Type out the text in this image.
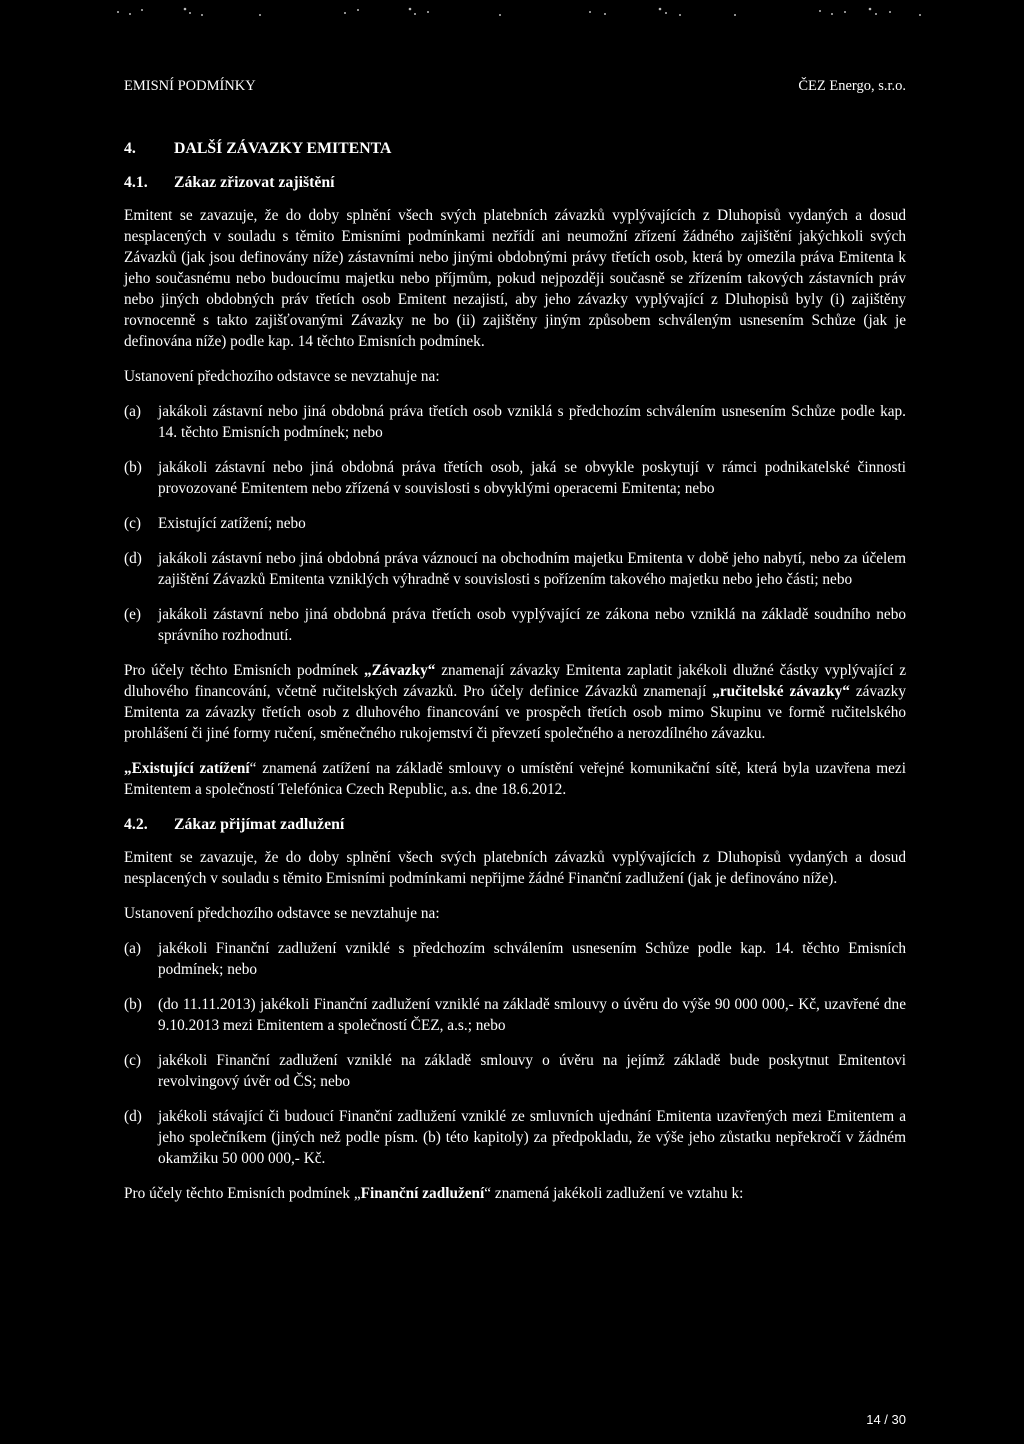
EMISNÍ PODMÍNKY	ČEZ Energo, s.r.o.
4. DALŠÍ ZÁVAZKY EMITENTA
4.1. Zákaz zřizovat zajištění

Emitent se zavazuje, že do doby splnění všech svých platebních závazků vyplývajících z Dluhopisů vydaných a dosud nesplacených v souladu s těmito Emisními podmínkami nezřídí ani neumožní zřízení žádného zajištění jakýchkoli svých Závazků (jak jsou definovány níže) zástavními nebo jinými obdobnými právy třetích osob, která by omezila práva Emitenta k jeho současnému nebo budoucímu majetku nebo příjmům, pokud nejpozději současně se zřízením takových zástavních práv nebo jiných obdobných práv třetích osob Emitent nezajistí, aby jeho závazky vyplývající z Dluhopisů byly (i) zajištěny rovnocenně s takto zajišťovanými Závazky ne bo (ii) zajištěny jiným způsobem schváleným usnesením Schůze (jak je definována níže) podle kap. 14 těchto Emisních podmínek.

Ustanovení předchozího odstavce se nevztahuje na:

(a)	jakákoli zástavní nebo jiná obdobná práva třetích osob vzniklá s předchozím schválením usnesením Schůze podle kap. 14. těchto Emisních podmínek; nebo
(b)	jakákoli zástavní nebo jiná obdobná práva třetích osob, jaká se obvykle poskytují v rámci podnikatelské činnosti provozované Emitentem nebo zřízená v souvislosti s obvyklými operacemi Emitenta; nebo
(c)	Existující zatížení; nebo
(d)	jakákoli zástavní nebo jiná obdobná práva váznoucí na obchodním majetku Emitenta v době jeho nabytí, nebo za účelem zajištění Závazků Emitenta vzniklých výhradně v souvislosti s pořízením takového majetku nebo jeho části; nebo
(e)	jakákoli zástavní nebo jiná obdobná práva třetích osob vyplývající ze zákona nebo vzniklá na základě soudního nebo správního rozhodnutí.

Pro účely těchto Emisních podmínek „Závazky“ znamenají závazky Emitenta zaplatit jakékoli dlužné částky vyplývající z dluhového financování, včetně ručitelských závazků. Pro účely definice Závazků znamenají „ručitelské závazky“ závazky Emitenta za závazky třetích osob z dluhového financování ve prospěch třetích osob mimo Skupinu ve formě ručitelského prohlášení či jiné formy ručení, směnečného rukojemství či převzetí společného a nerozdílného závazku.

„Existující zatížení“ znamená zatížení na základě smlouvy o umístění veřejné komunikační sítě, která byla uzavřena mezi Emitentem a společností Telefónica Czech Republic, a.s. dne 18.6.2012.

4.2. Zákaz přijímat zadlužení

Emitent se zavazuje, že do doby splnění všech svých platebních závazků vyplývajících z Dluhopisů vydaných a dosud nesplacených v souladu s těmito Emisními podmínkami nepřijme žádné Finanční zadlužení (jak je definováno níže).

Ustanovení předchozího odstavce se nevztahuje na:

(a)	jakékoli Finanční zadlužení vzniklé s předchozím schválením usnesením Schůze podle kap. 14. těchto Emisních podmínek; nebo
(b)	(do 11.11.2013) jakékoli Finanční zadlužení vzniklé na základě smlouvy o úvěru do výše 90 000 000,- Kč, uzavřené dne 9.10.2013 mezi Emitentem a společností ČEZ, a.s.; nebo
(c)	jakékoli Finanční zadlužení vzniklé na základě smlouvy o úvěru na jejímž základě bude poskytnut Emitentovi revolvingový úvěr od ČS; nebo
(d)	jakékoli stávající či budoucí Finanční zadlužení vzniklé ze smluvních ujednání Emitenta uzavřených mezi Emitentem a jeho společníkem (jiných než podle písm. (b) této kapitoly) za předpokladu, že výše jeho zůstatku nepřekročí v žádném okamžiku 50 000 000,- Kč.

Pro účely těchto Emisních podmínek „Finanční zadlužení“ znamená jakékoli zadlužení ve vztahu k:

14 / 30
